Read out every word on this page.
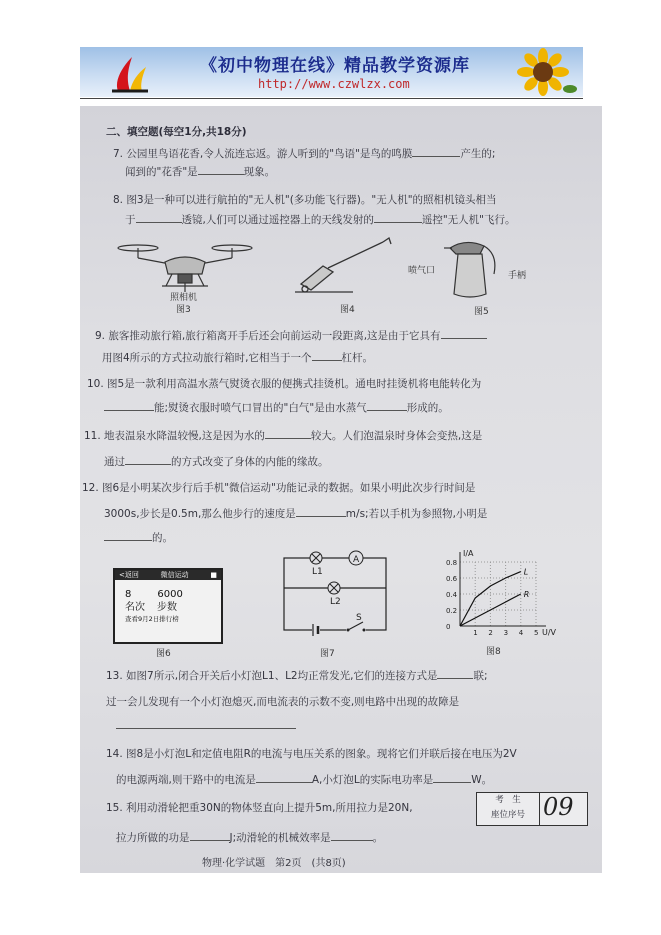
《初中物理在线》精品教学资源库
http://www.czwlzx.com
二、填空题(每空1分,共18分)
7. 公园里鸟语花香,令人流连忘返。游人听到的"鸟语"是鸟的鸣膜	产生的;
闻到的"花香"是	现象。
8. 图3是一种可以进行航拍的"无人机"(多功能飞行器)。"无人机"的照相机镜头相当
于	透镜,人们可以通过遥控器上的天线发射的	遥控"无人机"飞行。
照相机
图3	图4
喷气口	手柄
图5
9. 旅客推动旅行箱,旅行箱离开手后还会向前运动一段距离,这是由于它具有
用图4所示的方式拉动旅行箱时,它相当于一个	杠杆。
10. 图5是一款利用高温水蒸气熨烫衣服的便携式挂烫机。通电时挂烫机将电能转化为
能;熨烫衣服时喷气口冒出的"白气"是由水蒸气	形成的。
11. 地表温泉水降温较慢,这是因为水的	较大。人们泡温泉时身体会变热,这是
通过	的方式改变了身体的内能的缘故。
12. 图6是小明某次步行后手机"微信运动"功能记录的数据。如果小明此次步行时间是
3000s,步长是0.5m,那么他步行的速度是	m/s;若以手机为参照物,小明是
的。
<返回	微信运动	■
8	6000
名次 步数
查看9月2日排行榜
图6
A
L1
L2
S
图7
0.8
0.6
0.4
0.2
0
1 2 3 4 5
I/A
U/V
L
R
图8
13. 如图7所示,闭合开关后小灯泡L1、L2均正常发光,它们的连接方式是	联;
过一会儿发现有一个小灯泡熄灭,而电流表的示数不变,则电路中出现的故障是
14. 图8是小灯泡L和定值电阻R的电流与电压关系的图象。现将它们并联后接在电压为2V
的电源两端,则干路中的电流是	A,小灯泡L的实际电功率是	W。
15. 利用动滑轮把重30N的物体竖直向上提升5m,所用拉力是20N,
拉力所做的功是	J;动滑轮的机械效率是	。
考　生
座位序号 09
物理·化学试题　第2页　(共8页)
